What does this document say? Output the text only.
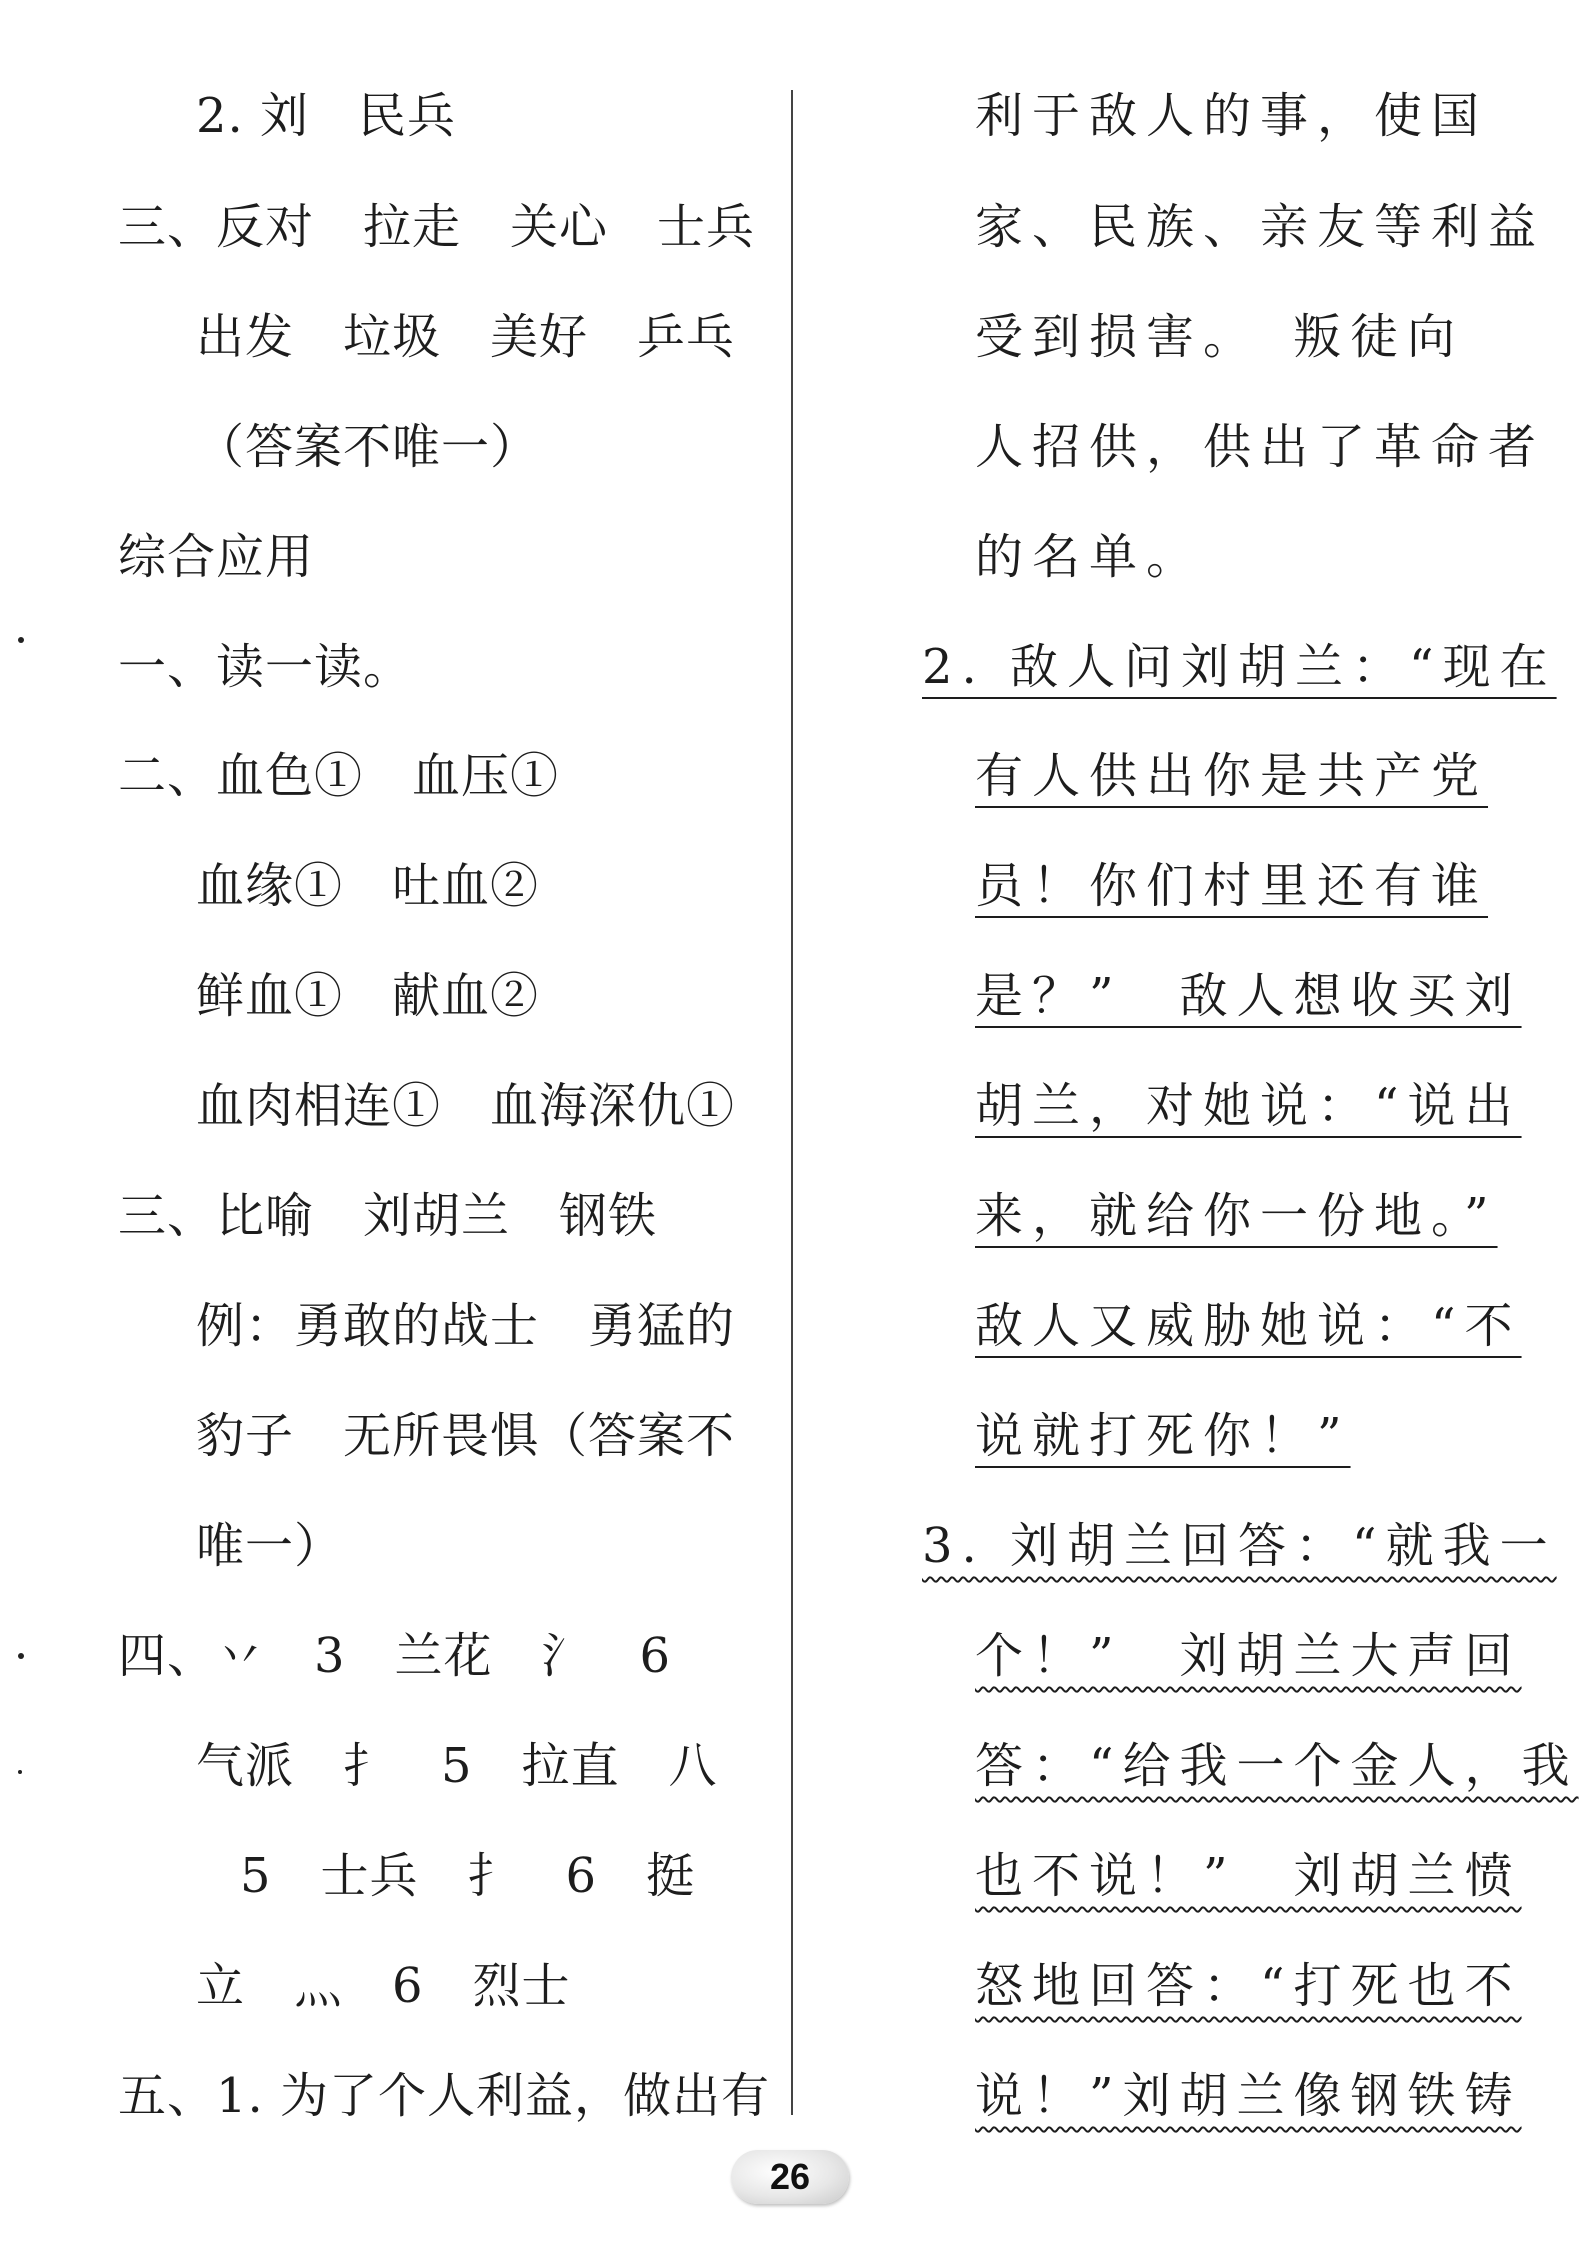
2. 刘　民兵
三、反对　拉走　关心　士兵
出发　垃圾　美好　乒乓
（答案不唯一）
综合应用
一、读一读。
二、血色①　血压①
血缘①　吐血②
鲜血①　献血②
血肉相连①　血海深仇①
三、比喻　刘胡兰　钢铁
例：勇敢的战士　勇猛的
豹子　无所畏惧（答案不
唯一）
四、丷　3　兰花　氵　6
气派　扌　5　拉直　八
5　士兵　扌　6　挺
立　灬　6　烈士
五、1. 为了个人利益，做出有
利于敌人的事，使国
家、民族、亲友等利益
受到损害。　叛徒向
人招供，供出了革命者
的名单。
2. 敌人问刘胡兰：“现在
有人供出你是共产党
员！你们村里还有谁
是？”　敌人想收买刘
胡兰，对她说：“说出
来，就给你一份地。”
敌人又威胁她说：“不
说就打死你！”
3. 刘胡兰回答：“就我一
个！”　刘胡兰大声回
答：“给我一个金人，我
也不说！”　刘胡兰愤
怒地回答：“打死也不
说！”刘胡兰像钢铁铸
26
